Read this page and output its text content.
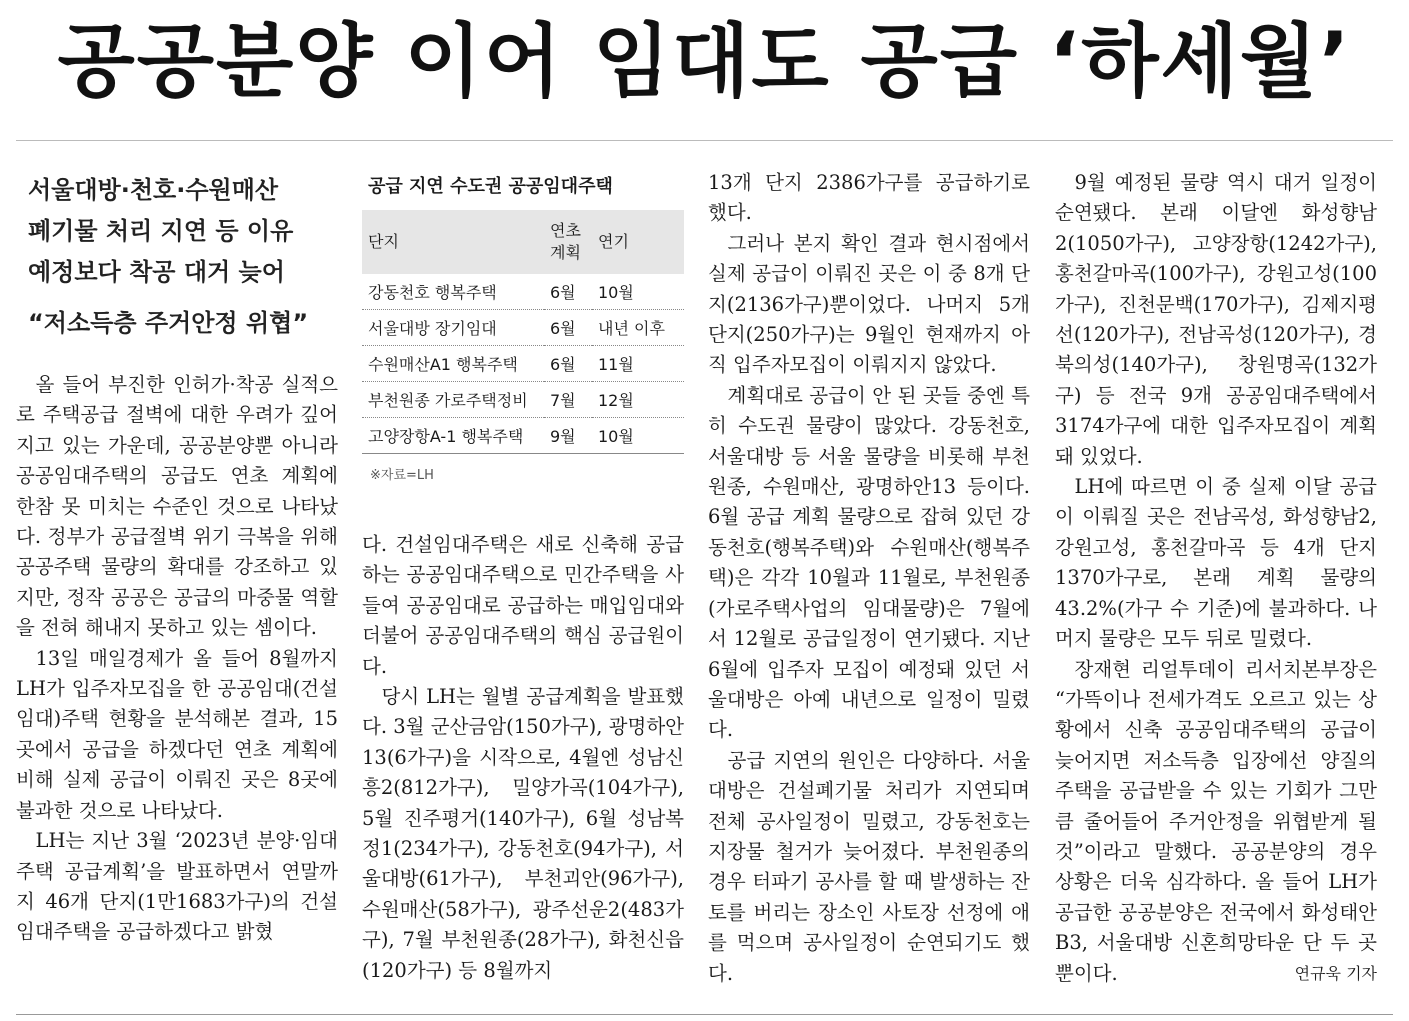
공공분양 이어 임대도 공급 ‘하세월’
서울대방·천호·수원매산
폐기물 처리 지연 등 이유
예정보다 착공 대거 늦어
“저소득층 주거안정 위협”

올 들어 부진한 인허가·착공 실적으로 주택공급 절벽에 대한 우려가 깊어지고 있는 가운데, 공공분양뿐 아니라 공공임대주택의 공급도 연초 계획에 한참 못 미치는 수준인 것으로 나타났다. 정부가 공급절벽 위기 극복을 위해 공공주택 물량의 확대를 강조하고 있지만, 정작 공공은 공급의 마중물 역할을 전혀 해내지 못하고 있는 셈이다.

13일 매일경제가 올 들어 8월까지 LH가 입주자모집을 한 공공임대(건설임대)주택 현황을 분석해본 결과, 15곳에서 공급을 하겠다던 연초 계획에 비해 실제 공급이 이뤄진 곳은 8곳에 불과한 것으로 나타났다.

LH는 지난 3월 ‘2023년 분양·임대주택 공급계획’을 발표하면서 연말까지 46개 단지(1만1683가구)의 건설임대주택을 공급하겠다고 밝혔

공급 지연 수도권 공공임대주택
단지	연초 계획	연기
강동천호 행복주택	6월	10월
서울대방 장기임대	6월	내년 이후
수원매산A1 행복주택	6월	11월
부천원종 가로주택정비	7월	12월
고양장항A-1 행복주택	9월	10월
※자료=LH

다. 건설임대주택은 새로 신축해 공급하는 공공임대주택으로 민간주택을 사들여 공공임대로 공급하는 매입임대와 더불어 공공임대주택의 핵심 공급원이다.

당시 LH는 월별 공급계획을 발표했다. 3월 군산금암(150가구), 광명하안13(6가구)을 시작으로, 4월엔 성남신흥2(812가구), 밀양가곡(104가구), 5월 진주평거(140가구), 6월 성남복정1(234가구), 강동천호(94가구), 서울대방(61가구), 부천괴안(96가구), 수원매산(58가구), 광주선운2(483가구), 7월 부천원종(28가구), 화천신읍(120가구) 등 8월까지

13개 단지 2386가구를 공급하기로 했다.

그러나 본지 확인 결과 현시점에서 실제 공급이 이뤄진 곳은 이 중 8개 단지(2136가구)뿐이었다. 나머지 5개 단지(250가구)는 9월인 현재까지 아직 입주자모집이 이뤄지지 않았다.

계획대로 공급이 안 된 곳들 중엔 특히 수도권 물량이 많았다. 강동천호, 서울대방 등 서울 물량을 비롯해 부천원종, 수원매산, 광명하안13 등이다. 6월 공급 계획 물량으로 잡혀 있던 강동천호(행복주택)와 수원매산(행복주택)은 각각 10월과 11월로, 부천원종(가로주택사업의 임대물량)은 7월에서 12월로 공급일정이 연기됐다. 지난 6월에 입주자 모집이 예정돼 있던 서울대방은 아예 내년으로 일정이 밀렸다.

공급 지연의 원인은 다양하다. 서울대방은 건설폐기물 처리가 지연되며 전체 공사일정이 밀렸고, 강동천호는 지장물 철거가 늦어졌다. 부천원종의 경우 터파기 공사를 할 때 발생하는 잔토를 버리는 장소인 사토장 선정에 애를 먹으며 공사일정이 순연되기도 했다.

9월 예정된 물량 역시 대거 일정이 순연됐다. 본래 이달엔 화성향남2(1050가구), 고양장항(1242가구), 홍천갈마곡(100가구), 강원고성(100가구), 진천문백(170가구), 김제지평선(120가구), 전남곡성(120가구), 경북의성(140가구), 창원명곡(132가구) 등 전국 9개 공공임대주택에서 3174가구에 대한 입주자모집이 계획돼 있었다.

LH에 따르면 이 중 실제 이달 공급이 이뤄질 곳은 전남곡성, 화성향남2, 강원고성, 홍천갈마곡 등 4개 단지 1370가구로, 본래 계획 물량의 43.2%(가구 수 기준)에 불과하다. 나머지 물량은 모두 뒤로 밀렸다.

장재현 리얼투데이 리서치본부장은 “가뜩이나 전세가격도 오르고 있는 상황에서 신축 공공임대주택의 공급이 늦어지면 저소득층 입장에선 양질의 주택을 공급받을 수 있는 기회가 그만큼 줄어들어 주거안정을 위협받게 될 것”이라고 말했다. 공공분양의 경우 상황은 더욱 심각하다. 올 들어 LH가 공급한 공공분양은 전국에서 화성태안B3, 서울대방 신혼희망타운 단 두 곳뿐이다.	연규욱 기자
